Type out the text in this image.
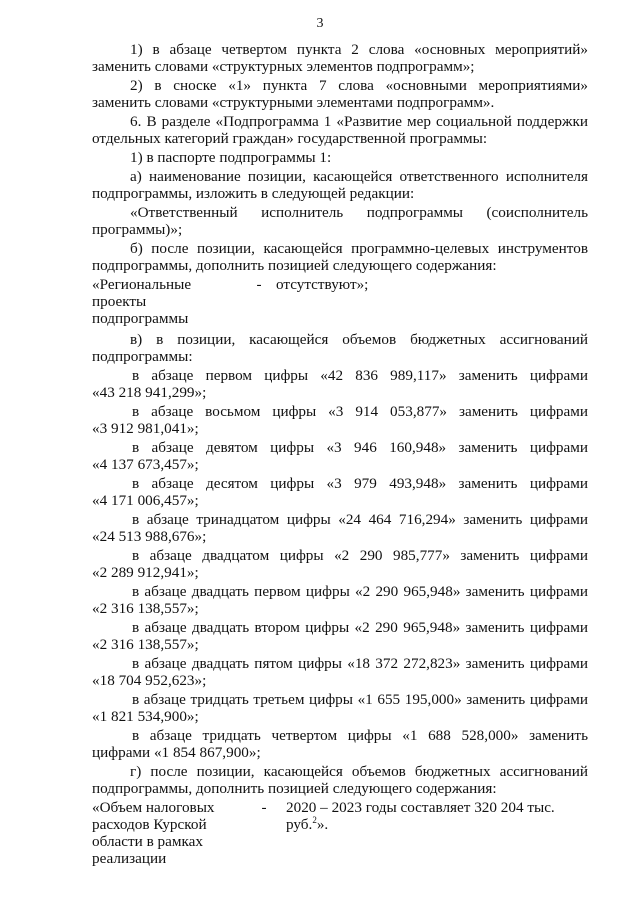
3
1) в абзаце четвертом пункта 2 слова «основных мероприятий»
заменить словами «структурных элементов подпрограмм»;
2) в сноске «1» пункта 7 слова «основными мероприятиями»
заменить словами «структурными элементами подпрограмм».
6. В разделе «Подпрограмма 1 «Развитие мер социальной поддержки
отдельных категорий граждан» государственной программы:
1) в паспорте подпрограммы 1:
а) наименование позиции, касающейся ответственного исполнителя
подпрограммы, изложить в следующей редакции:
«Ответственный исполнитель подпрограммы (соисполнитель
программы)»;
б) после позиции, касающейся программно-целевых инструментов
подпрограммы, дополнить позицией следующего содержания:
«Региональные
проекты
подпрограммы
- отсутствуют»;
в) в позиции, касающейся объемов бюджетных ассигнований
подпрограммы:
в абзаце первом цифры «42 836 989,117» заменить цифрами
«43 218 941,299»;
в абзаце восьмом цифры «3 914 053,877» заменить цифрами
«3 912 981,041»;
в абзаце девятом цифры «3 946 160,948» заменить цифрами
«4 137 673,457»;
в абзаце десятом цифры «3 979 493,948» заменить цифрами
«4 171 006,457»;
в абзаце тринадцатом цифры «24 464 716,294» заменить цифрами
«24 513 988,676»;
в абзаце двадцатом цифры «2 290 985,777» заменить цифрами
«2 289 912,941»;
в абзаце двадцать первом цифры «2 290 965,948» заменить цифрами
«2 316 138,557»;
в абзаце двадцать втором цифры «2 290 965,948» заменить цифрами
«2 316 138,557»;
в абзаце двадцать пятом цифры «18 372 272,823» заменить цифрами
«18 704 952,623»;
в абзаце тридцать третьем цифры «1 655 195,000» заменить цифрами
«1 821 534,900»;
в абзаце тридцать четвертом цифры «1 688 528,000» заменить
цифрами «1 854 867,900»;
г) после позиции, касающейся объемов бюджетных ассигнований
подпрограммы, дополнить позицией следующего содержания:
«Объем налоговых
расходов Курской
области в рамках
реализации
-	2020 – 2023 годы составляет 320 204 тыс. руб.$^2$».
